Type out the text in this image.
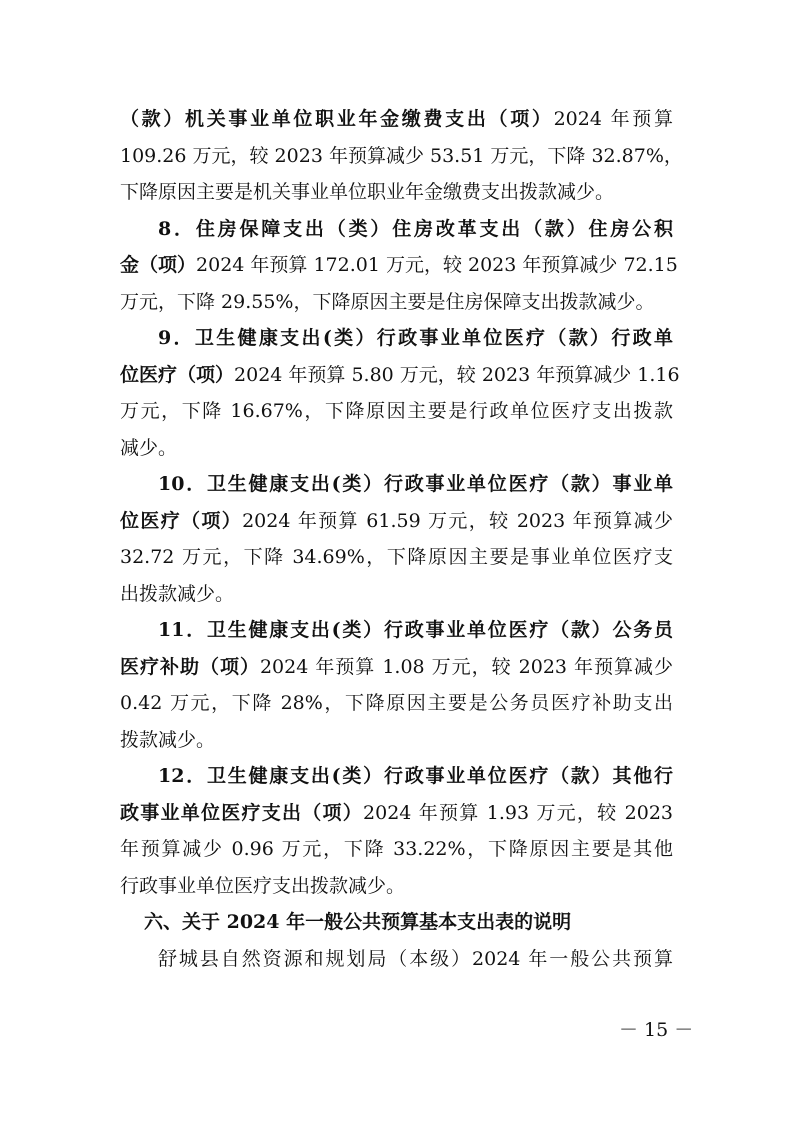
（款）机关事业单位职业年金缴费支出（项）2024 年预算
109.26 万元，较 2023 年预算减少 53.51 万元，下降 32.87%，
下降原因主要是机关事业单位职业年金缴费支出拨款减少。
8．住房保障支出（类）住房改革支出（款）住房公积
金（项）2024 年预算 172.01 万元，较 2023 年预算减少 72.15
万元，下降 29.55%，下降原因主要是住房保障支出拨款减少。
9．卫生健康支出(类）行政事业单位医疗（款）行政单
位医疗（项）2024 年预算 5.80 万元，较 2023 年预算减少 1.16
万元，下降 16.67%，下降原因主要是行政单位医疗支出拨款
减少。
10．卫生健康支出(类）行政事业单位医疗（款）事业单
位医疗（项）2024 年预算 61.59 万元，较 2023 年预算减少
32.72 万元，下降 34.69%，下降原因主要是事业单位医疗支
出拨款减少。
11．卫生健康支出(类）行政事业单位医疗（款）公务员
医疗补助（项）2024 年预算 1.08 万元，较 2023 年预算减少
0.42 万元，下降 28%，下降原因主要是公务员医疗补助支出
拨款减少。
12．卫生健康支出(类）行政事业单位医疗（款）其他行
政事业单位医疗支出（项）2024 年预算 1.93 万元，较 2023
年预算减少 0.96 万元，下降 33.22%，下降原因主要是其他
行政事业单位医疗支出拨款减少。
六、关于 2024 年一般公共预算基本支出表的说明
舒城县自然资源和规划局（本级）2024 年一般公共预算
－ 15 －
